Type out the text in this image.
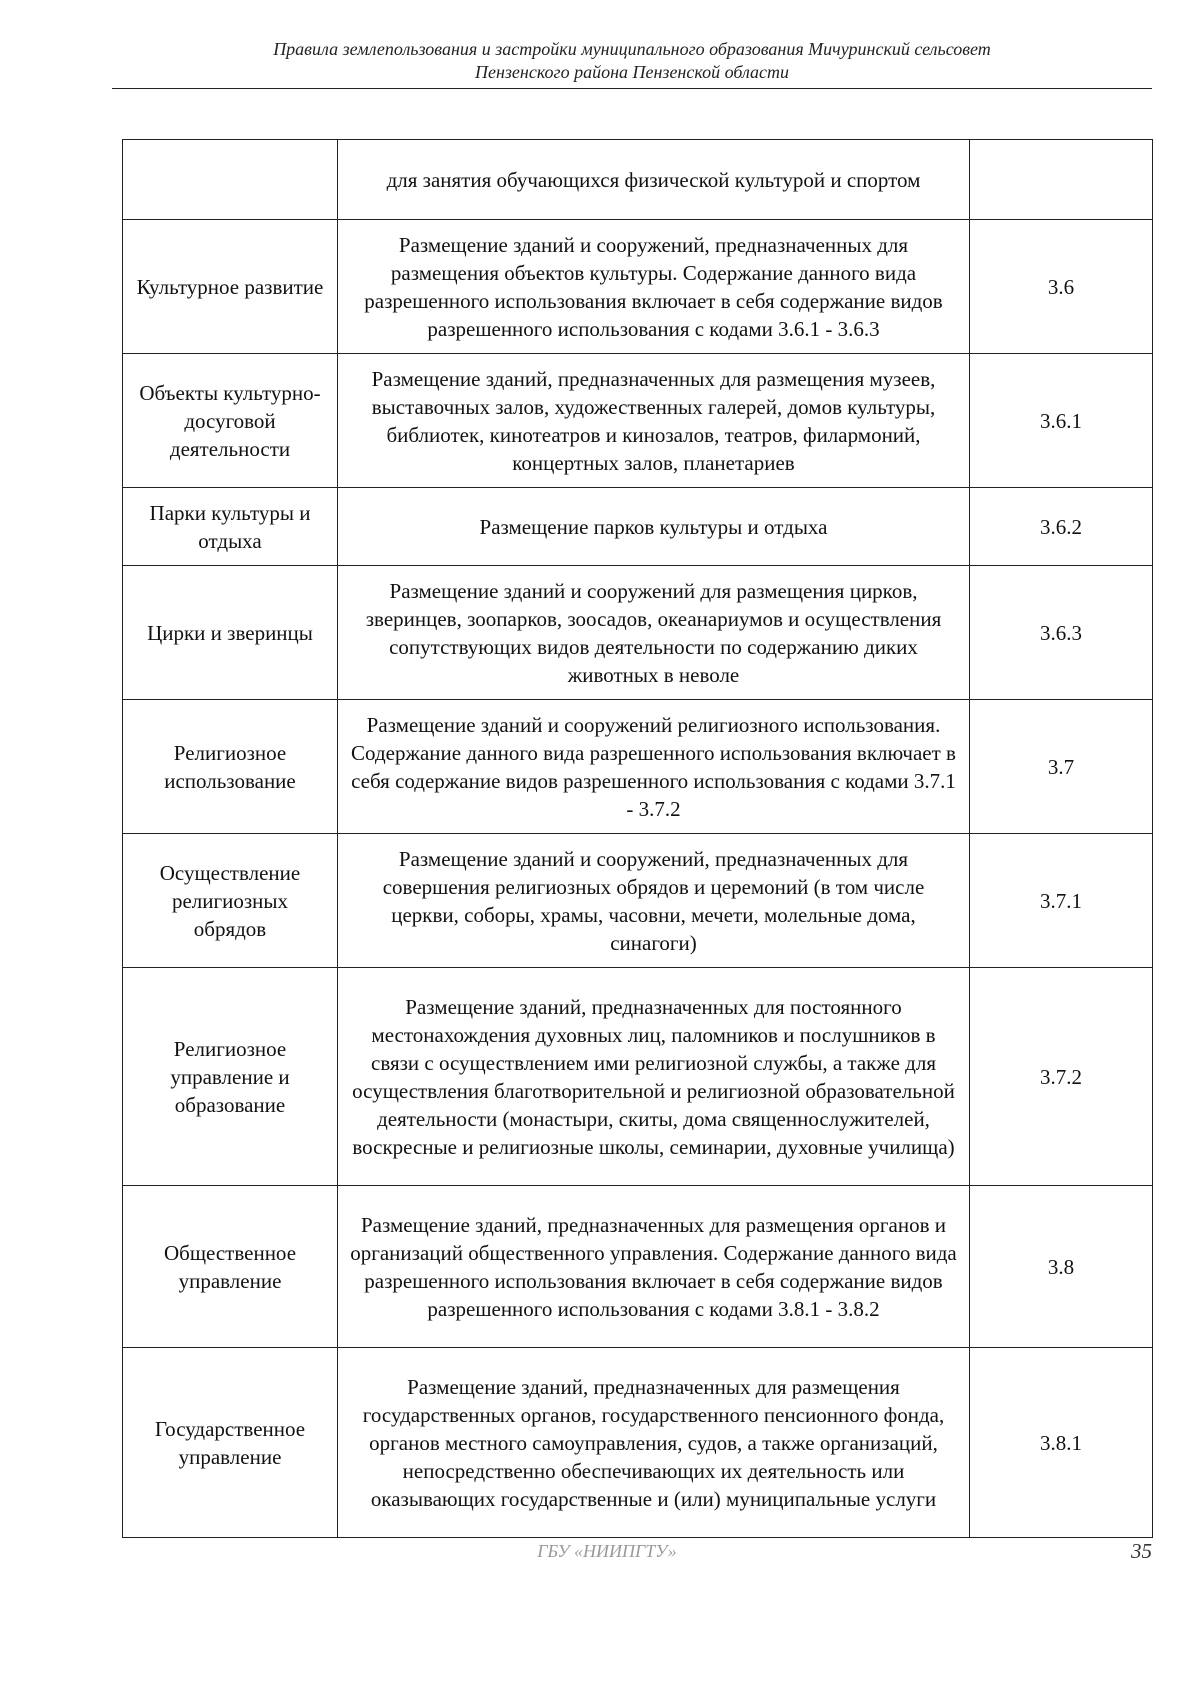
Правила землепользования и застройки муниципального образования Мичуринский сельсовет
Пензенского района Пензенской области
	для занятия обучающихся физической культурой и спортом	
Культурное развитие	Размещение зданий и сооружений, предназначенных для размещения объектов культуры. Содержание данного вида разрешенного использования включает в себя содержание видов разрешенного использования с кодами 3.6.1 - 3.6.3	3.6
Объекты культурно-досуговой деятельности	Размещение зданий, предназначенных для размещения музеев, выставочных залов, художественных галерей, домов культуры, библиотек, кинотеатров и кинозалов, театров, филармоний, концертных залов, планетариев	3.6.1
Парки культуры и отдыха	Размещение парков культуры и отдыха	3.6.2
Цирки и зверинцы	Размещение зданий и сооружений для размещения цирков, зверинцев, зоопарков, зоосадов, океанариумов и осуществления сопутствующих видов деятельности по содержанию диких животных в неволе	3.6.3
Религиозное использование	Размещение зданий и сооружений религиозного использования. Содержание данного вида разрешенного использования включает в себя содержание видов разрешенного использования с кодами 3.7.1 - 3.7.2	3.7
Осуществление религиозных обрядов	Размещение зданий и сооружений, предназначенных для совершения религиозных обрядов и церемоний (в том числе церкви, соборы, храмы, часовни, мечети, молельные дома, синагоги)	3.7.1
Религиозное управление и образование	Размещение зданий, предназначенных для постоянного местонахождения духовных лиц, паломников и послушников в связи с осуществлением ими религиозной службы, а также для осуществления благотворительной и религиозной образовательной деятельности (монастыри, скиты, дома священнослужителей, воскресные и религиозные школы, семинарии, духовные училища)	3.7.2
Общественное управление	Размещение зданий, предназначенных для размещения органов и организаций общественного управления. Содержание данного вида разрешенного использования включает в себя содержание видов разрешенного использования с кодами 3.8.1 - 3.8.2	3.8
Государственное управление	Размещение зданий, предназначенных для размещения государственных органов, государственного пенсионного фонда, органов местного самоуправления, судов, а также организаций, непосредственно обеспечивающих их деятельность или оказывающих государственные и (или) муниципальные услуги	3.8.1
ГБУ «НИИПГТУ»	35
